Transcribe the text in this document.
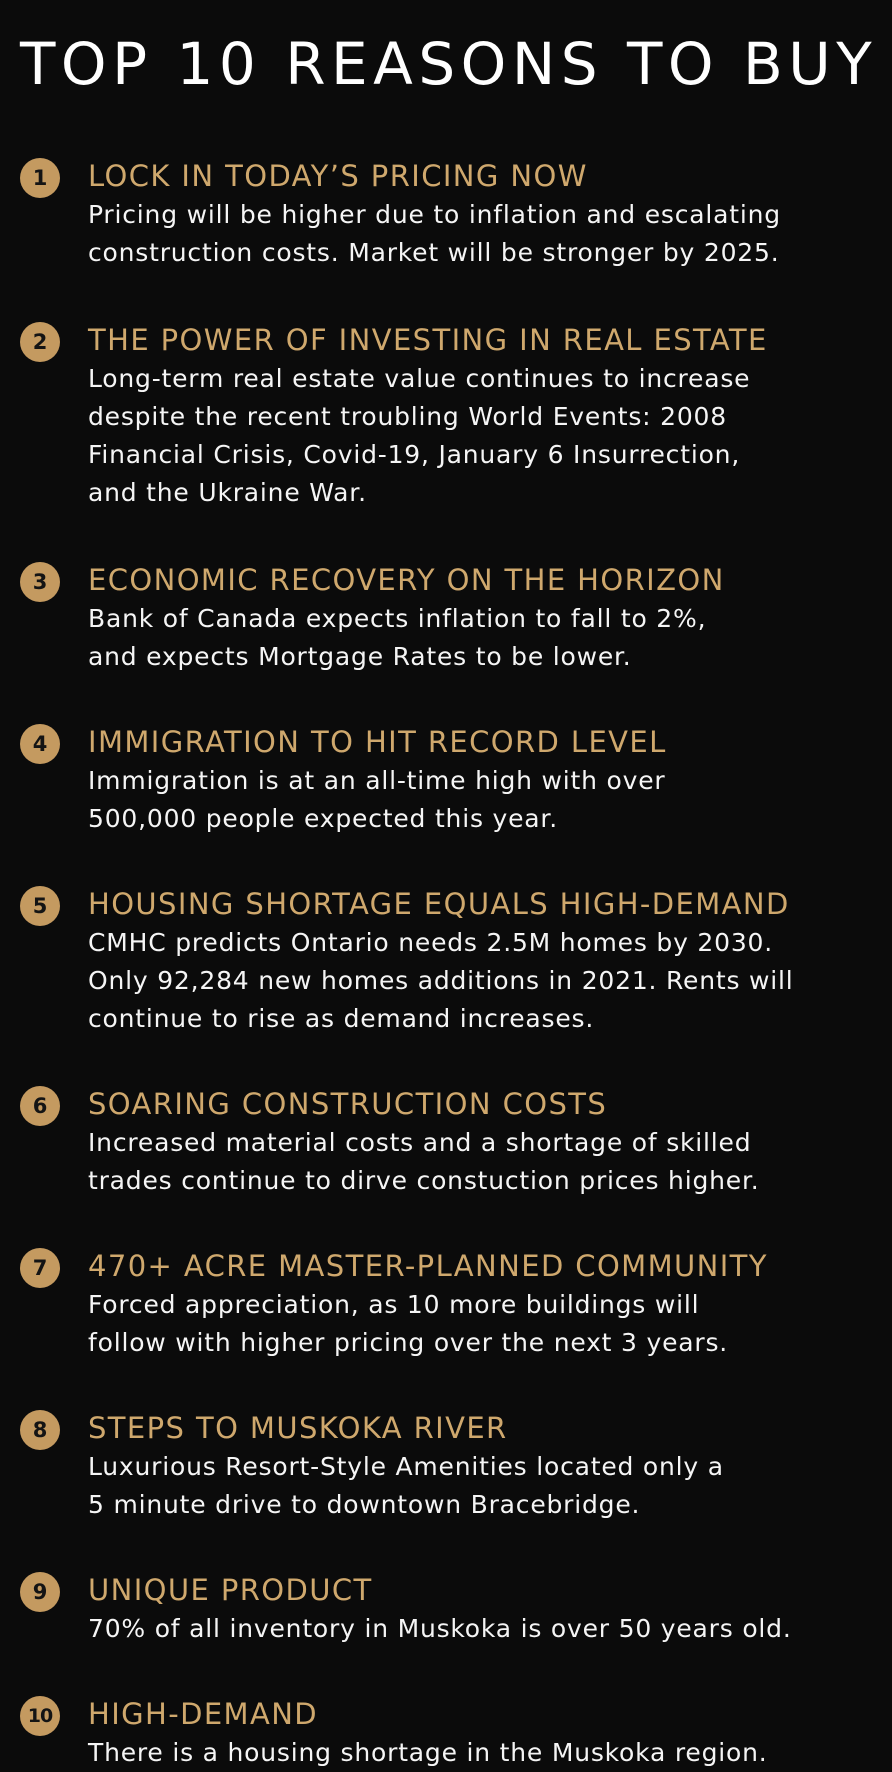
TOP 10 REASONS TO BUY
1	LOCK IN TODAY’S PRICING NOW
Pricing will be higher due to inflation and escalating
construction costs. Market will be stronger by 2025.
2	THE POWER OF INVESTING IN REAL ESTATE
Long-term real estate value continues to increase
despite the recent troubling World Events: 2008
Financial Crisis, Covid-19, January 6 Insurrection,
and the Ukraine War.
3	ECONOMIC RECOVERY ON THE HORIZON
Bank of Canada expects inflation to fall to 2%,
and expects Mortgage Rates to be lower.
4	IMMIGRATION TO HIT RECORD LEVEL
Immigration is at an all-time high with over
500,000 people expected this year.
5	HOUSING SHORTAGE EQUALS HIGH-DEMAND
CMHC predicts Ontario needs 2.5M homes by 2030.
Only 92,284 new homes additions in 2021. Rents will
continue to rise as demand increases.
6	SOARING CONSTRUCTION COSTS
Increased material costs and a shortage of skilled
trades continue to dirve constuction prices higher.
7	470+ ACRE MASTER-PLANNED COMMUNITY
Forced appreciation, as 10 more buildings will
follow with higher pricing over the next 3 years.
8	STEPS TO MUSKOKA RIVER
Luxurious Resort-Style Amenities located only a
5 minute drive to downtown Bracebridge.
9	UNIQUE PRODUCT
70% of all inventory in Muskoka is over 50 years old.
10 HIGH-DEMAND
There is a housing shortage in the Muskoka region.
